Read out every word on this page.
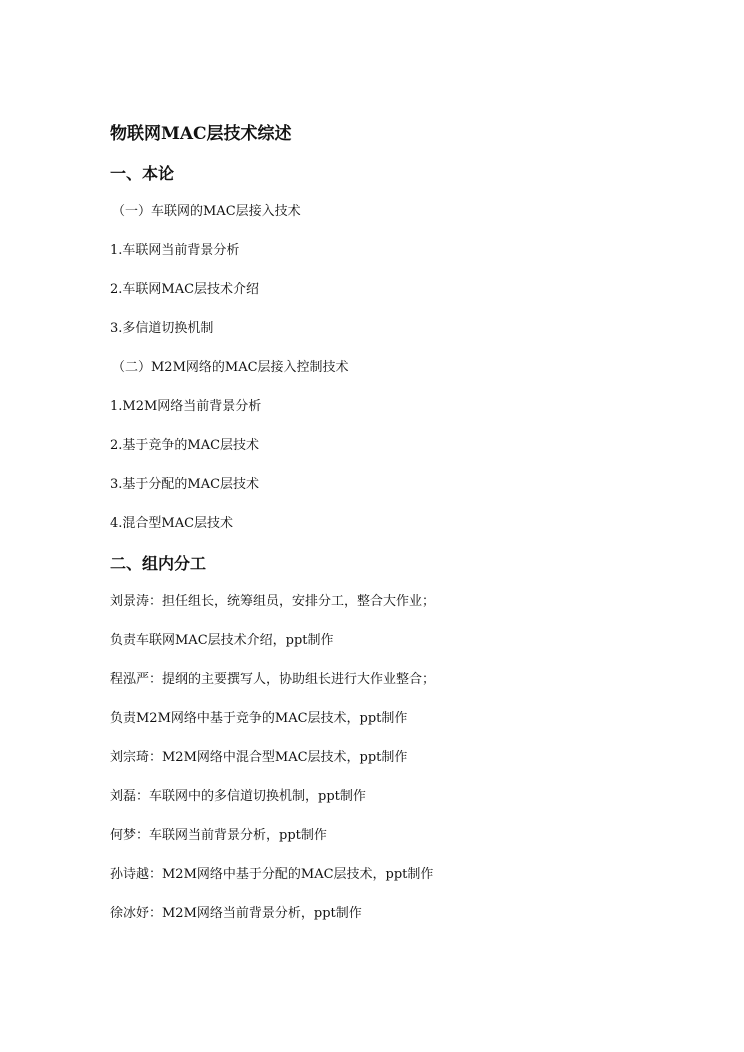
物联网MAC层技术综述
一、本论
（一）车联网的MAC层接入技术
1.车联网当前背景分析
2.车联网MAC层技术介绍
3.多信道切换机制
（二）M2M网络的MAC层接入控制技术
1.M2M网络当前背景分析
2.基于竞争的MAC层技术
3.基于分配的MAC层技术
4.混合型MAC层技术
二、组内分工
刘景涛：担任组长，统筹组员，安排分工，整合大作业；
负责车联网MAC层技术介绍，ppt制作
程泓严：提纲的主要撰写人，协助组长进行大作业整合；
负责M2M网络中基于竞争的MAC层技术，ppt制作
刘宗琦：M2M网络中混合型MAC层技术，ppt制作
刘磊：车联网中的多信道切换机制，ppt制作
何梦：车联网当前背景分析，ppt制作
孙诗越：M2M网络中基于分配的MAC层技术，ppt制作
徐冰妤：M2M网络当前背景分析，ppt制作
